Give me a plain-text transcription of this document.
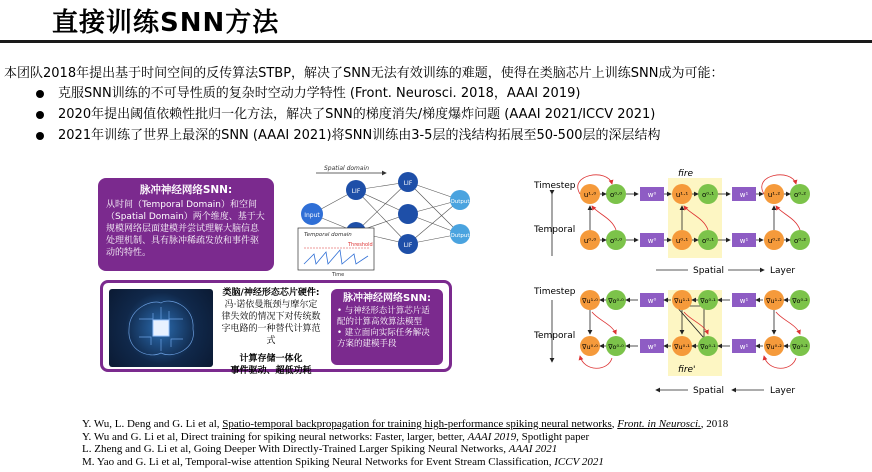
直接训练SNN方法
本团队2018年提出基于时间空间的反传算法STBP，解决了SNN无法有效训练的难题，使得在类脑芯片上训练SNN成为可能：
克服SNN训练的不可导性质的复杂时空动力学特性 (Front. Neurosci. 2018，AAAI 2019)
2020年提出阈值依赖性批归一化方法，解决了SNN的梯度消失/梯度爆炸问题 (AAAI 2021/ICCV 2021)
2021年训练了世界上最深的SNN (AAAI 2021)将SNN训练由3-5层的浅结构拓展至50-500层的深层结构
脉冲神经网络SNN:
从时间（Temporal Domain）和空间（Spatial Domain）两个维度、基于大规模网络层面建模并尝试理解大脑信息处理机制、具有脉冲稀疏发放和事件驱动的特性。
Spatial domain
Input
LIF
LIF
LIF
Output
Output
Temporal domain
Threshold
Time
类脑/神经形态芯片硬件:
冯·诺依曼瓶颈与摩尔定律失效的情况下对传统数字电路的一种替代计算范式
计算存储一体化
事件驱动、超低功耗
脉冲神经网络SNN:
• 与神经形态计算芯片适配的计算高效算法模型
• 建立面向实际任务解决方案的建模手段
Timestep
Temporal
fire
u¹·⁰ o⁰·⁰	w⁰	u¹·¹ o⁰·¹	w¹	u¹·² o⁰·²
u⁰·⁰ o⁰·⁰	w⁰	u⁰·¹ o⁰·¹	w¹	u⁰·² o⁰·²
Spatial	Layer
Timestep
Temporal
∇u¹·⁰ ∇o⁰·⁰	w⁰	∇u¹·¹ ∇o⁰·¹	w¹	∇u¹·² ∇o⁰·²
∇u⁰·⁰ ∇o⁰·⁰	w⁰	∇u⁰·¹ ∇o⁰·¹	w¹	∇u⁰·² ∇o⁰·²
fire'
Spatial	Layer
Y. Wu, L. Deng and G. Li et al, Spatio-temporal backpropagation for training high-performance spiking neural networks, Front. in Neurosci., 2018
Y. Wu and G. Li et al, Direct training for spiking neural networks: Faster, larger, better, AAAI 2019, Spotlight paper
L. Zheng and G. Li et al, Going Deeper With Directly-Trained Larger Spiking Neural Networks, AAAI 2021
M. Yao and G. Li et al, Temporal-wise attention Spiking Neural Networks for Event Stream Classification, ICCV 2021
